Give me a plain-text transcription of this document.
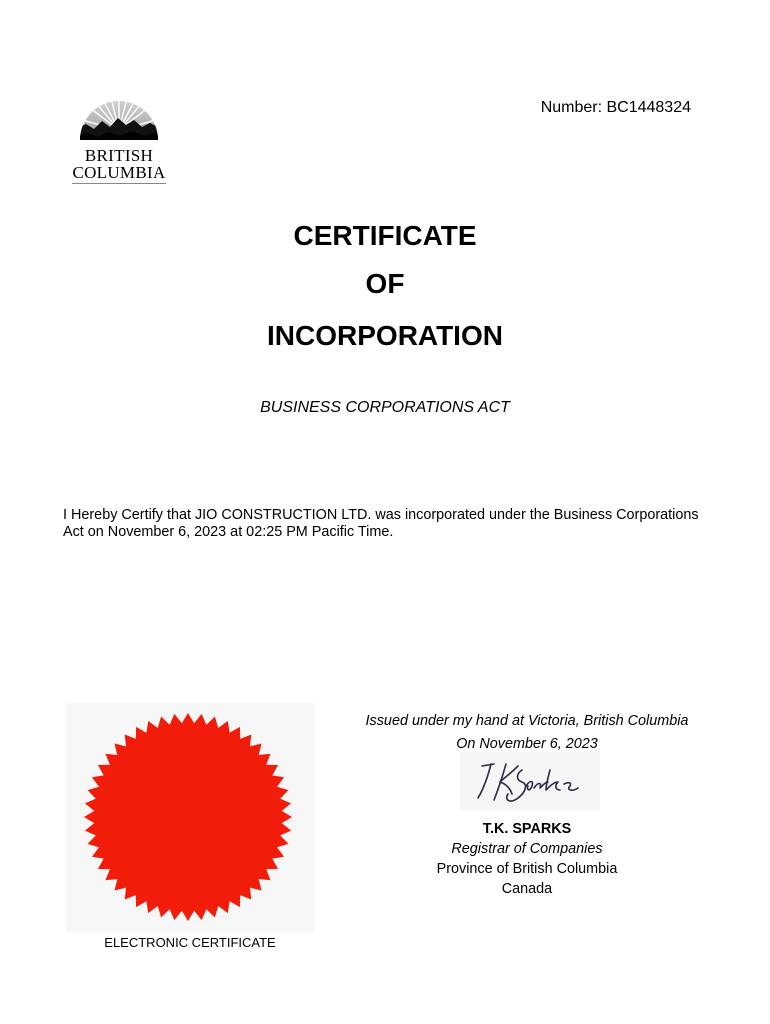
BRITISH
COLUMBIA
Number: BC1448324
CERTIFICATE
OF
INCORPORATION
BUSINESS CORPORATIONS ACT
I Hereby Certify that JIO CONSTRUCTION LTD. was incorporated under the Business Corporations Act on November 6, 2023 at 02:25 PM Pacific Time.
ELECTRONIC CERTIFICATE
Issued under my hand at Victoria, British Columbia
On November 6, 2023
T.K. SPARKS
Registrar of Companies
Province of British Columbia
Canada
